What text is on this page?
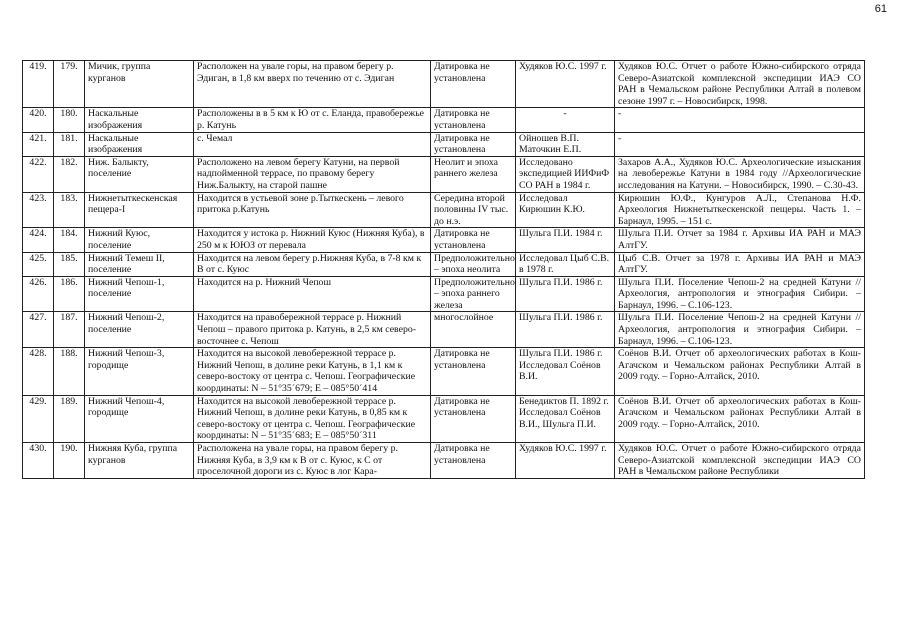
61
419.	179.	Мичик, группа курганов	Расположен на увале горы, на правом берегу р. Эдиган, в 1,8 км вверх по течению от с. Эдиган	Датировка не установлена	Худяков Ю.С. 1997 г.	Худяков Ю.С. Отчет о работе Южно-сибирского отряда Северо-Азиатской комплексной экспедиции ИАЭ СО РАН в Чемальском районе Республики Алтай в полевом сезоне 1997 г. – Новосибирск, 1998.
420.	180.	Наскальные изображения	Расположены в в 5 км к Ю от с. Еланда, правобережье р. Катунь	Датировка не установлена	-	-
421.	181.	Наскальные изображения	с. Чемал	Датировка не установлена	Ойношев В.П. Маточкин Е.П.	-
422.	182.	Ниж. Балыкту, поселение	Расположено на левом берегу Катуни, на первой надпойменной террасе, по правому берегу Ниж.Балыкту, на старой пашне	Неолит и эпоха раннего железа	Исследовано экспедицией ИИФиФ СО РАН в 1984 г.	Захаров А.А., Худяков Ю.С. Археологические изыскания на левобережье Катуни в 1984 году //Археологические исследования на Катуни. – Новосибирск, 1990. – С.30-43.
423.	183.	Нижнетыткескенская пещера-I	Находится в устьевой зоне р.Тыткескень – левого притока р.Катунь	Середина второй половины IV тыс. до н.э.	Исследовал Кирюшин К.Ю.	Кирюшин Ю.Ф., Кунгуров А.Л., Степанова Н.Ф. Археология Нижнетыткескенской пещеры. Часть 1. – Барнаул, 1995. – 151 с.
424.	184.	Нижний Куюс, поселение	Находится у истока р. Нижний Куюс (Нижняя Куба), в 250 м к ЮЮЗ от перевала	Датировка не установлена	Шульга П.И. 1984 г.	Шульга П.И. Отчет за 1984 г. Архивы ИА РАН и МАЭ АлтГУ.
425.	185.	Нижний Темеш II, поселение	Находится на левом берегу р.Нижняя Куба, в 7-8 км к В от с. Куюс	Предположительно – эпоха неолита	Исследовал Цыб С.В. в 1978 г.	Цыб С.В. Отчет за 1978 г. Архивы ИА РАН и МАЭ АлтГУ.
426.	186.	Нижний Чепош-1, поселение	Находится на р. Нижний Чепош	Предположительно – эпоха раннего железа	Шульга П.И. 1986 г.	Шульга П.И. Поселение Чепош-2 на средней Катуни // Археология, антропология и этнография Сибири. – Барнаул, 1996. – С.106-123.
427.	187.	Нижний Чепош-2, поселение	Находится на правобережной террасе р. Нижний Чепош – правого притока р. Катунь, в 2,5 км северо-восточнее с. Чепош	многослойное	Шульга П.И. 1986 г.	Шульга П.И. Поселение Чепош-2 на средней Катуни // Археология, антропология и этнография Сибири. – Барнаул, 1996. – С.106-123.
428.	188.	Нижний Чепош-3, городище	Находится на высокой левобережной террасе р. Нижний Чепош, в долине реки Катунь, в 1,1 км к северо-востоку от центра с. Чепош. Географические координаты: N – 51°35´679; E – 085°50´414	Датировка не установлена	Шульга П.И. 1986 г. Исследовал Соёнов В.И.	Соёнов В.И. Отчет об археологических работах в Кош-Агачском и Чемальском районах Республики Алтай в 2009 году. – Горно-Алтайск, 2010.
429.	189.	Нижний Чепош-4, городище	Находится на высокой левобережной террасе р. Нижний Чепош, в долине реки Катунь, в 0,85 км к северо-востоку от центра с. Чепош. Географические координаты: N – 51°35´683; E – 085°50´311	Датировка не установлена	Бенедиктов П. 1892 г. Исследовал Соёнов В.И., Шульга П.И.	Соёнов В.И. Отчет об археологических работах в Кош-Агачском и Чемальском районах Республики Алтай в 2009 году. – Горно-Алтайск, 2010.
430.	190.	Нижняя Куба, группа курганов	Расположена на увале горы, на правом берегу р. Нижняя Куба, в 3,9 км к В от с. Куюс, к С от проселочной дороги из с. Куюс в лог Кара-	Датировка не установлена	Худяков Ю.С. 1997 г.	Худяков Ю.С. Отчет о работе Южно-сибирского отряда Северо-Азиатской комплексной экспедиции ИАЭ СО РАН в Чемальском районе Республики
